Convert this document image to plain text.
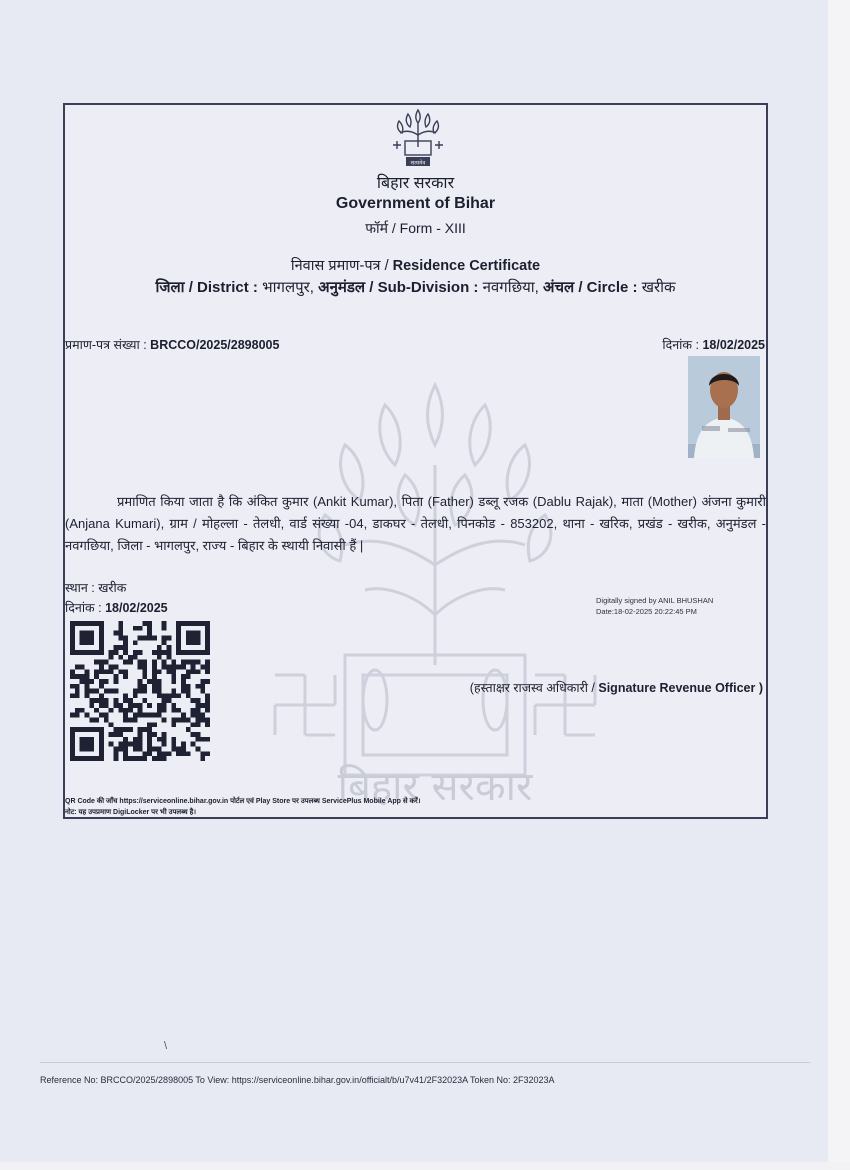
बिहार सरकार
सत्यमेव
बिहार सरकार
Government of Bihar
फॉर्म / Form - XIII
निवास प्रमाण-पत्र / Residence Certificate
जिला / District : भागलपुर, अनुमंडल / Sub-Division : नवगछिया, अंचल / Circle : खरीक
प्रमाण-पत्र संख्या : BRCCO/2025/2898005	दिनांक : 18/02/2025
प्रमाणित किया जाता है कि अंकित कुमार (Ankit Kumar), पिता (Father) डब्लू रजक (Dablu Rajak), माता (Mother) अंजना कुमारी (Anjana Kumari), ग्राम / मोहल्ला - तेलधी, वार्ड संख्या -04, डाकघर - तेलधी, पिनकोड - 853202, थाना - खरिक, प्रखंड - खरीक, अनुमंडल - नवगछिया, जिला - भागलपुर, राज्य - बिहार के स्थायी निवासी हैं |
स्थान : खरीक
दिनांक : 18/02/2025
Digitally signed by ANIL BHUSHAN
Date:18-02-2025 20:22:45 PM
(हस्ताक्षर राजस्व अधिकारी / Signature Revenue Officer )
QR Code की जाँच https://serviceonline.bihar.gov.in पोर्टल एवं Play Store पर उपलब्ध ServicePlus Mobile App से करें।
नोट: यह उपप्रमाण DigiLocker पर भी उपलब्ध है।
Reference No: BRCCO/2025/2898005 To View: https://serviceonline.bihar.gov.in/officialt/b/u7v41/2F32023A Token No: 2F32023A
\
